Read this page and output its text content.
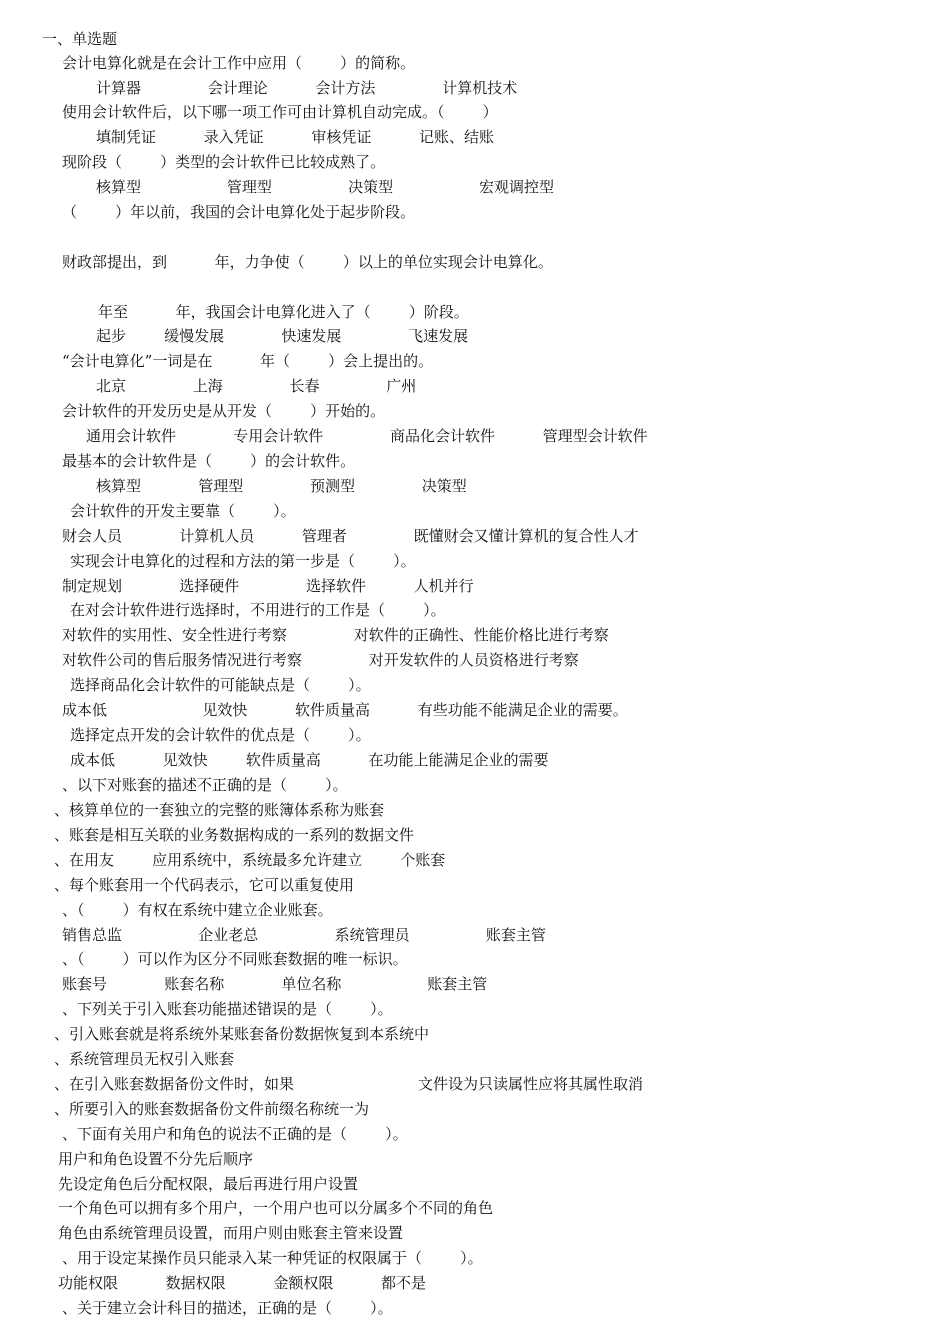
一、单选题
会计电算化就是在会计工作中应用（        ）的简称。
计算器              会计理论          会计方法              计算机技术
使用会计软件后，以下哪一项工作可由计算机自动完成。（        ）
填制凭证          录入凭证          审核凭证          记账、结账
现阶段（        ）类型的会计软件已比较成熟了。
核算型                  管理型                决策型                  宏观调控型
（        ）年以前，我国的会计电算化处于起步阶段。
财政部提出，到          年，力争使（        ）以上的单位实现会计电算化。
年至          年，我国会计电算化进入了（        ）阶段。
起步        缓慢发展            快速发展              飞速发展
“会计电算化”一词是在          年（        ）会上提出的。
北京              上海              长春              广州
会计软件的开发历史是从开发（        ）开始的。
通用会计软件            专用会计软件              商品化会计软件          管理型会计软件
最基本的会计软件是（        ）的会计软件。
核算型            管理型              预测型              决策型
会计软件的开发主要靠（        ）。
财会人员            计算机人员          管理者              既懂财会又懂计算机的复合性人才
实现会计电算化的过程和方法的第一步是（        ）。
制定规划            选择硬件              选择软件          人机并行
在对会计软件进行选择时，不用进行的工作是（        ）。
对软件的实用性、安全性进行考察              对软件的正确性、性能价格比进行考察
对软件公司的售后服务情况进行考察              对开发软件的人员资格进行考察
选择商品化会计软件的可能缺点是（        ）。
成本低                    见效快          软件质量高          有些功能不能满足企业的需要。
选择定点开发的会计软件的优点是（        ）。
成本低          见效快        软件质量高          在功能上能满足企业的需要
、以下对账套的描述不正确的是（        ）。
、核算单位的一套独立的完整的账簿体系称为账套
、账套是相互关联的业务数据构成的一系列的数据文件
、在用友        应用系统中，系统最多允许建立        个账套
、每个账套用一个代码表示，它可以重复使用
、（        ）有权在系统中建立企业账套。
销售总监                企业老总                系统管理员                账套主管
、（        ）可以作为区分不同账套数据的唯一标识。
账套号            账套名称            单位名称                  账套主管
、下列关于引入账套功能描述错误的是（        ）。
、引入账套就是将系统外某账套备份数据恢复到本系统中
、系统管理员无权引入账套
、在引入账套数据备份文件时，如果                          文件设为只读属性应将其属性取消
、所要引入的账套数据备份文件前缀名称统一为
、下面有关用户和角色的说法不正确的是（        ）。
用户和角色设置不分先后顺序
先设定角色后分配权限，最后再进行用户设置
一个角色可以拥有多个用户，一个用户也可以分属多个不同的角色
角色由系统管理员设置，而用户则由账套主管来设置
、用于设定某操作员只能录入某一种凭证的权限属于（        ）。
功能权限          数据权限          金额权限          都不是
、关于建立会计科目的描述，正确的是（        ）。
